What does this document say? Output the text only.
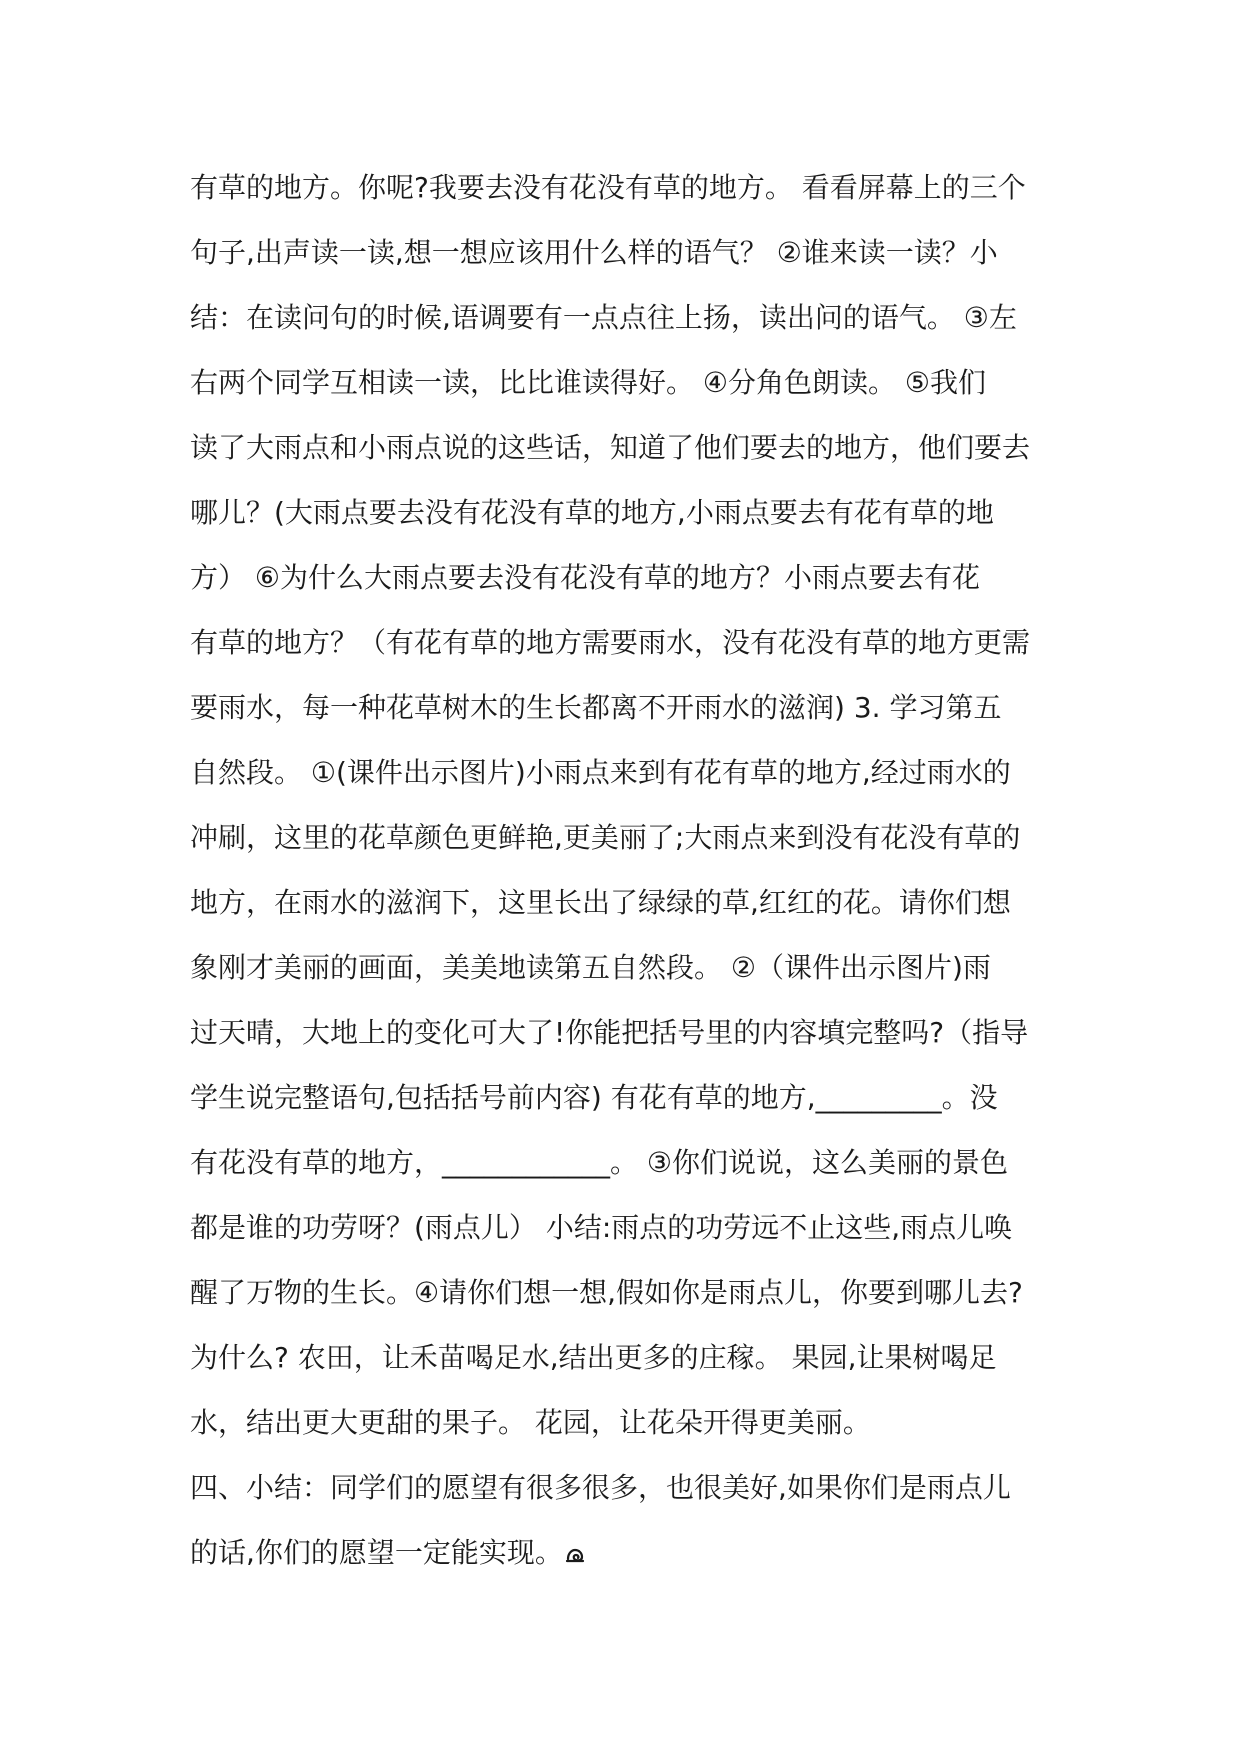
有草的地方。你呢?我要去没有花没有草的地方。 看看屏幕上的三个
句子,出声读一读,想一想应该用什么样的语气？ ②谁来读一读？小
结：在读问句的时候,语调要有一点点往上扬，读出问的语气。 ③左
右两个同学互相读一读，比比谁读得好。 ④分角色朗读。 ⑤我们
读了大雨点和小雨点说的这些话，知道了他们要去的地方，他们要去
哪儿？(大雨点要去没有花没有草的地方,小雨点要去有花有草的地
方） ⑥为什么大雨点要去没有花没有草的地方？小雨点要去有花
有草的地方？（有花有草的地方需要雨水，没有花没有草的地方更需
要雨水，每一种花草树木的生长都离不开雨水的滋润) 3. 学习第五
自然段。 ①(课件出示图片)小雨点来到有花有草的地方,经过雨水的
冲刷，这里的花草颜色更鲜艳,更美丽了;大雨点来到没有花没有草的
地方，在雨水的滋润下，这里长出了绿绿的草,红红的花。请你们想
象刚才美丽的画面，美美地读第五自然段。 ②（课件出示图片)雨
过天晴，大地上的变化可大了!你能把括号里的内容填完整吗?（指导
学生说完整语句,包括括号前内容) 有花有草的地方,_________。没
有花没有草的地方，____________。 ③你们说说，这么美丽的景色
都是谁的功劳呀？(雨点儿） 小结:雨点的功劳远不止这些,雨点儿唤
醒了万物的生长。④请你们想一想,假如你是雨点儿，你要到哪儿去?
为什么? 农田，让禾苗喝足水,结出更多的庄稼。 果园,让果树喝足
水，结出更大更甜的果子。 花园，让花朵开得更美丽。
四、小结：同学们的愿望有很多很多，也很美好,如果你们是雨点儿
的话,你们的愿望一定能实现。
